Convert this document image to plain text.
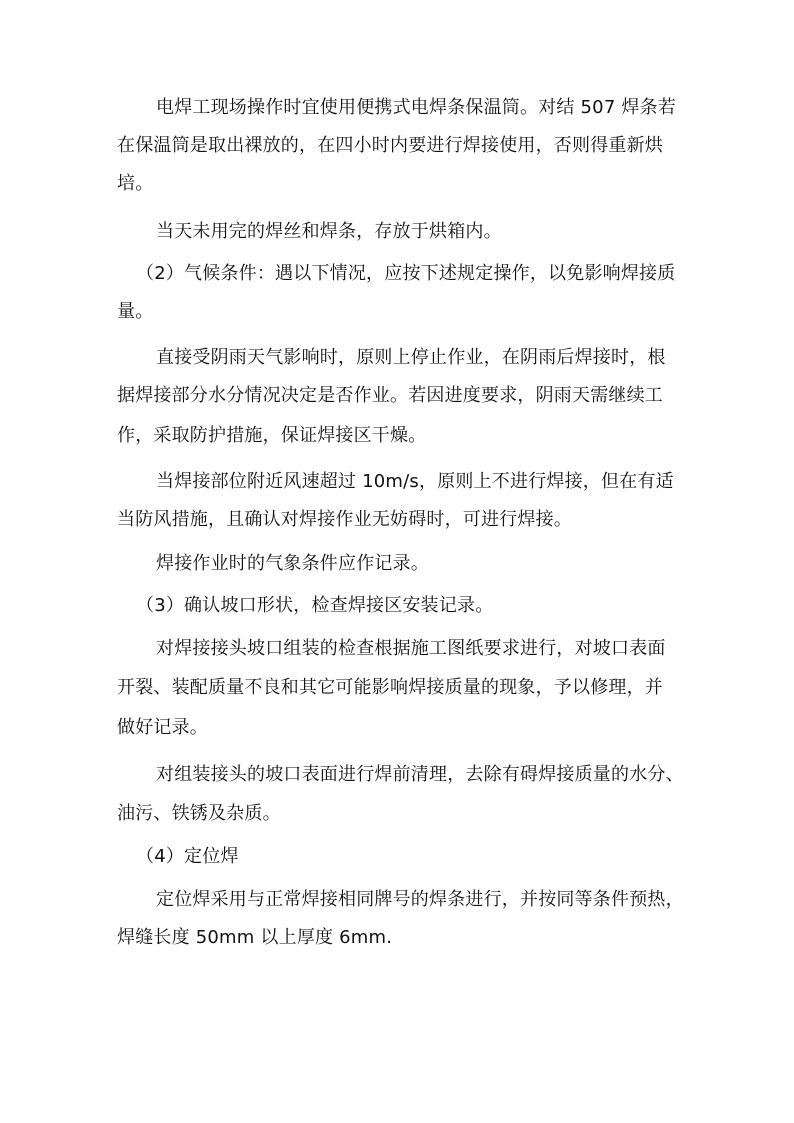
电焊工现场操作时宜使用便携式电焊条保温筒。对结 507 焊条若
在保温筒是取出裸放的，在四小时内要进行焊接使用，否则得重新烘
培。
当天未用完的焊丝和焊条，存放于烘箱内。
（2）气候条件：遇以下情况，应按下述规定操作，以免影响焊接质
量。
直接受阴雨天气影响时，原则上停止作业，在阴雨后焊接时，根
据焊接部分水分情况决定是否作业。若因进度要求，阴雨天需继续工
作，采取防护措施，保证焊接区干燥。
当焊接部位附近风速超过 10m/s，原则上不进行焊接，但在有适
当防风措施，且确认对焊接作业无妨碍时，可进行焊接。
焊接作业时的气象条件应作记录。
（3）确认坡口形状，检查焊接区安装记录。
对焊接接头坡口组装的检查根据施工图纸要求进行，对坡口表面
开裂、装配质量不良和其它可能影响焊接质量的现象，予以修理，并
做好记录。
对组装接头的坡口表面进行焊前清理，去除有碍焊接质量的水分、
油污、铁锈及杂质。
（4）定位焊
定位焊采用与正常焊接相同牌号的焊条进行，并按同等条件预热，
焊缝长度 50mm 以上厚度 6mm.
